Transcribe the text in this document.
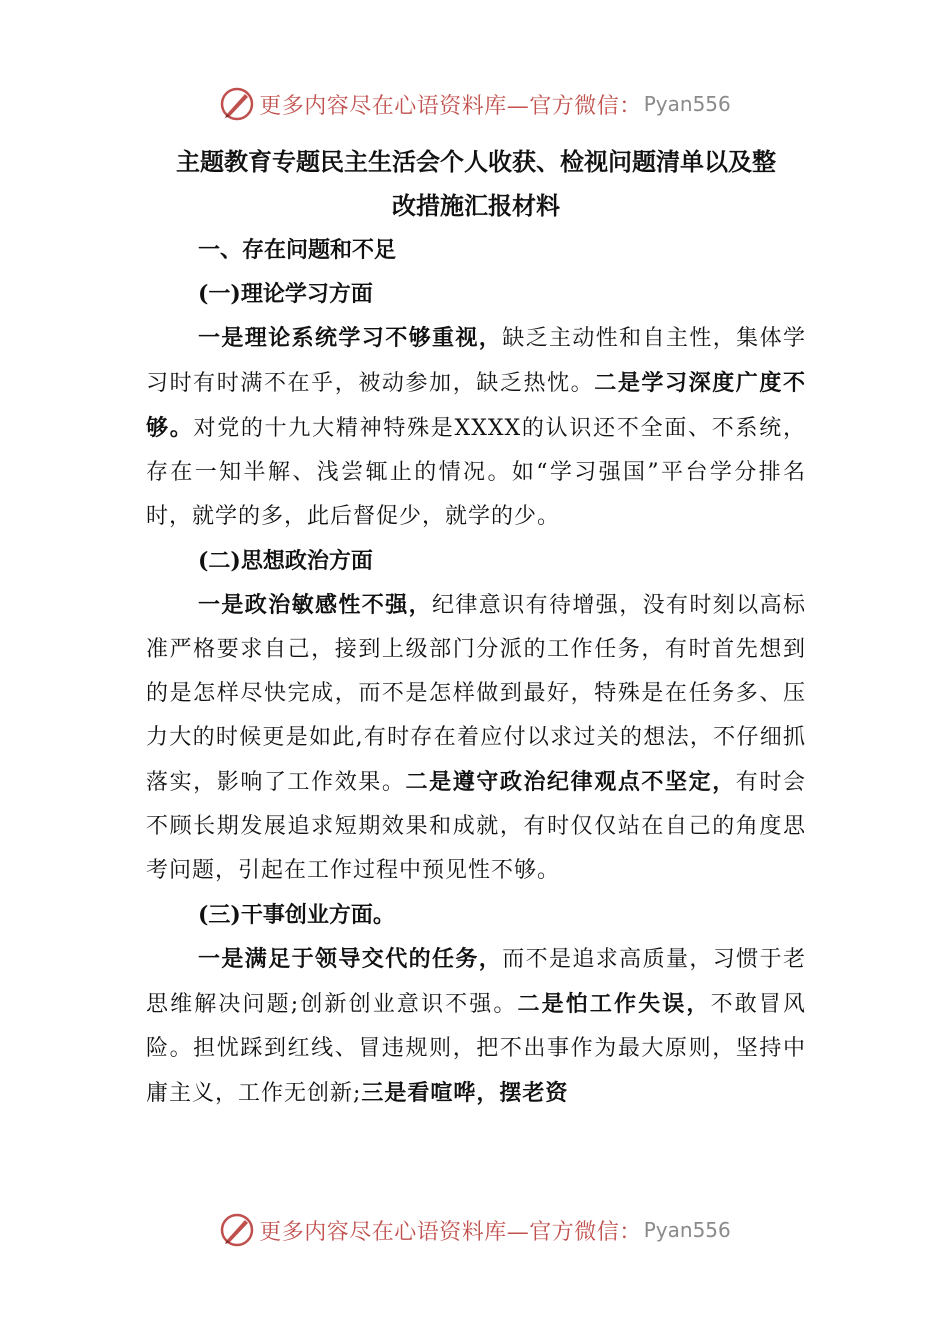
更多内容尽在心语资料库—官方微信： Pyan556

主题教育专题民主生活会个人收获、检视问题清单以及整
改措施汇报材料

一、存在问题和不足

(一)理论学习方面

一是理论系统学习不够重视，缺乏主动性和自主性，集体学习时有时满不在乎，被动参加，缺乏热忱。二是学习深度广度不够。对党的十九大精神特殊是XXXX的认识还不全面、不系统，存在一知半解、浅尝辄止的情况。如“学习强国”平台学分排名时，就学的多，此后督促少，就学的少。

(二)思想政治方面

一是政治敏感性不强，纪律意识有待增强，没有时刻以高标准严格要求自己，接到上级部门分派的工作任务，有时首先想到的是怎样尽快完成，而不是怎样做到最好，特殊是在任务多、压力大的时候更是如此,有时存在着应付以求过关的想法，不仔细抓落实，影响了工作效果。二是遵守政治纪律观点不坚定，有时会不顾长期发展追求短期效果和成就，有时仅仅站在自己的角度思考问题，引起在工作过程中预见性不够。

(三)干事创业方面。

一是满足于领导交代的任务，而不是追求高质量，习惯于老思维解决问题;创新创业意识不强。二是怕工作失误，不敢冒风险。担忧踩到红线、冒违规则，把不出事作为最大原则，坚持中庸主义，工作无创新;三是看喧哗，摆老资

更多内容尽在心语资料库—官方微信： Pyan556
